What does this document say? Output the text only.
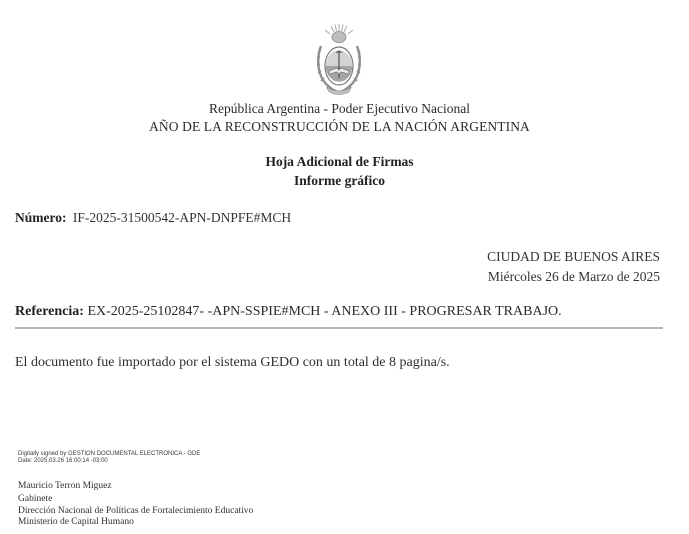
República Argentina - Poder Ejecutivo Nacional
AÑO DE LA RECONSTRUCCIÓN DE LA NACIÓN ARGENTINA
Hoja Adicional de Firmas
Informe gráfico
Número: IF-2025-31500542-APN-DNPFE#MCH
CIUDAD DE BUENOS AIRES
Miércoles 26 de Marzo de 2025
Referencia: EX-2025-25102847- -APN-SSPIE#MCH - ANEXO III - PROGRESAR TRABAJO.
El documento fue importado por el sistema GEDO con un total de 8 pagina/s.
Digitally signed by GESTION DOCUMENTAL ELECTRONICA - GDE
Date: 2025.03.26 16:00:14 -03:00
Mauricio Terron Miguez
Gabinete
Dirección Nacional de Políticas de Fortalecimiento Educativo
Ministerio de Capital Humano
